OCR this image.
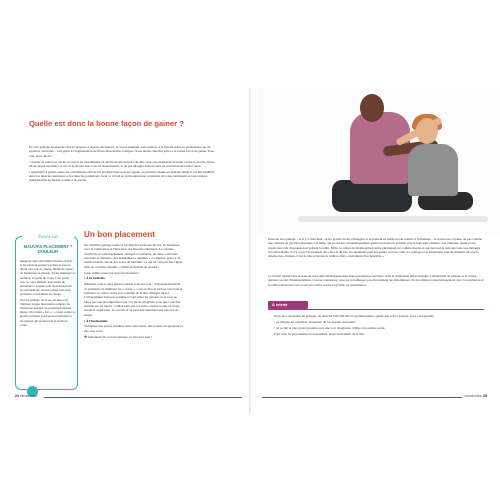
Quelle est donc la bonne façon de gainer ?

Un bon gainage en planche devrait préparer à résister des heures, de façon naturelle, sans tension, à la gravité selon en permanence sur de postures verticales – cela grâce à l'augmentation de fibres musculaires toniques. Nous allons chercher grâce à la bonne façon de gainer. Pour cela, nous allons :

• Arrêter de renforcer ouvert et ouvert les abdominaux en décrivant des muscles du dos, ceux qui permettent de lutter contre la gravité. Nous allons plutôt équilibrer le dos et le devant dans tous les mouvements, et ne pas allonger dans un sens en concurrençant dans l'autre.

• Apprendre à gainer toutes les articulations afin de les protéger dans tous les appuis, et parvenir ensuite au gainage intégral, parfait équilibre entre les muscles antérieurs et les muscles postérieurs. Seul ce travail en profondeur peut construire un tonus permanent et sans tension, indispensable au bipède soumis à la gravité.

Zoom sur
MAUVAIS PLACEMENT = DOULEUR

Imaginez une boîte tablée massive en bois ; si les pieds ne portent pas dans la tour ou plutôt tous sous la charge, inutile de capter de l'épaisseur au plateau. Il faut aménager et renforcer la partie du corps. C'est pareil avec le corps humain. Une erreur de placement a toujours une répercussion sur les articulations, surtout quand elles sont porteuses et travaillent en charge.

Un bon gainage, en fa ou, est une sorte d'armure longue musculaire complet, du bassin aux épaules, ne permettant aucune pliure. On revient « fort » ; « rester contre la gravité et moins lourd pour les hanches et les genoux qui portent tout le poids du corps.

Un bon placement

Un véritable gainage renforce les muscles profonds du dos, en harmonie avec la tonification et l'élévation des muscles antérieurs. La colonne vertébrale est ainsi réellement allongée et soutenue, les deux courbures cervicale et lombaire sont maintenues « dépliées » et alignées, grâce à un transformateur autour des zones de mobilité. Ce qui ne veut pas être rigide mais au contraire flexible, comme le flexible de douche !

Cette subtile passe par un bon placement :

• À la verticale.

Imaginez-vous le plus grand possible sous une tour ; l'autograndissement va permettre de diminuer les « creux » : c'est ce dire la lordose cervicale et lombaire, le ventre rentre et le sommet de la tête s'éloigne du sol. L'allongement n'est pas possible si vous pliez les genoux ou si vous ne faites pas une décompression par vos pieds. Imaginez-vous que vous êtes nommé sur les talons ; veillez bien que le bassin, rassure la tête en avant, boude la respiration. Ce on fait, il ne peut être maintenu que très peu de temps.

• À l'horizontale.

Visualisez une poutre installée entre deux murs, elle pousse en appuyant la tête vers vous :

✤ Autrement dit, ne bon gainage, ça faut tout seul !

24 Introduction

Dans un bon gainage – et il y a cherchant, où les grands droits s'allongent et se mettent en tension pour résister à l'étirement – le transverse s'ajoute, au pas comme une ceinture de gyration élastique à la taille, qui se resserre automatiquement quand on monte la poitrine vers le haut sans cambrer. Les obliques, quant à eux, jouent leur rôle d'expansion et galbent la taille. Enfin, le centre du diaphragme (centre phrénique) est comme un piston qui descend et remonte dans une mélange non déformable. Il n'y a pas d'écartement des côtes et du bas, les ligaments peuvent garder vers les côtés. Le gainage et la respiration sont étroitement liés par la détente des obliques. C'est ni plus ni moins le célèbre effet « abdominal d'un fertéabre »

Ce travail reprend des notions de base déjà développées dans mes précédentes ouvrages, telle la respiration physiologique, l'intégration du périnée et la contre-nutation sacrée. Paradoxalement, vous le constaterez, nous ne travaillerons pas directement les abdominaux. Ils travailleront automatiquement avec la respiration et le renforcement de tout ce qui sera activé contre la gravité, en permanence.

À retenir

Dans ma conception du gainage, on cherche TOUJOURS un grandissement, quelle que soit la posture. Pour s'autograndir,

• on éloigne les vertèbres, autrement dit les épaules du bassin ;

• on se fait le plus grand possible sous une tour imaginaire, même en position assise.

Pour cela, les placements sont essentiels, jusqu'au moment de la tête.

Introduction 25
